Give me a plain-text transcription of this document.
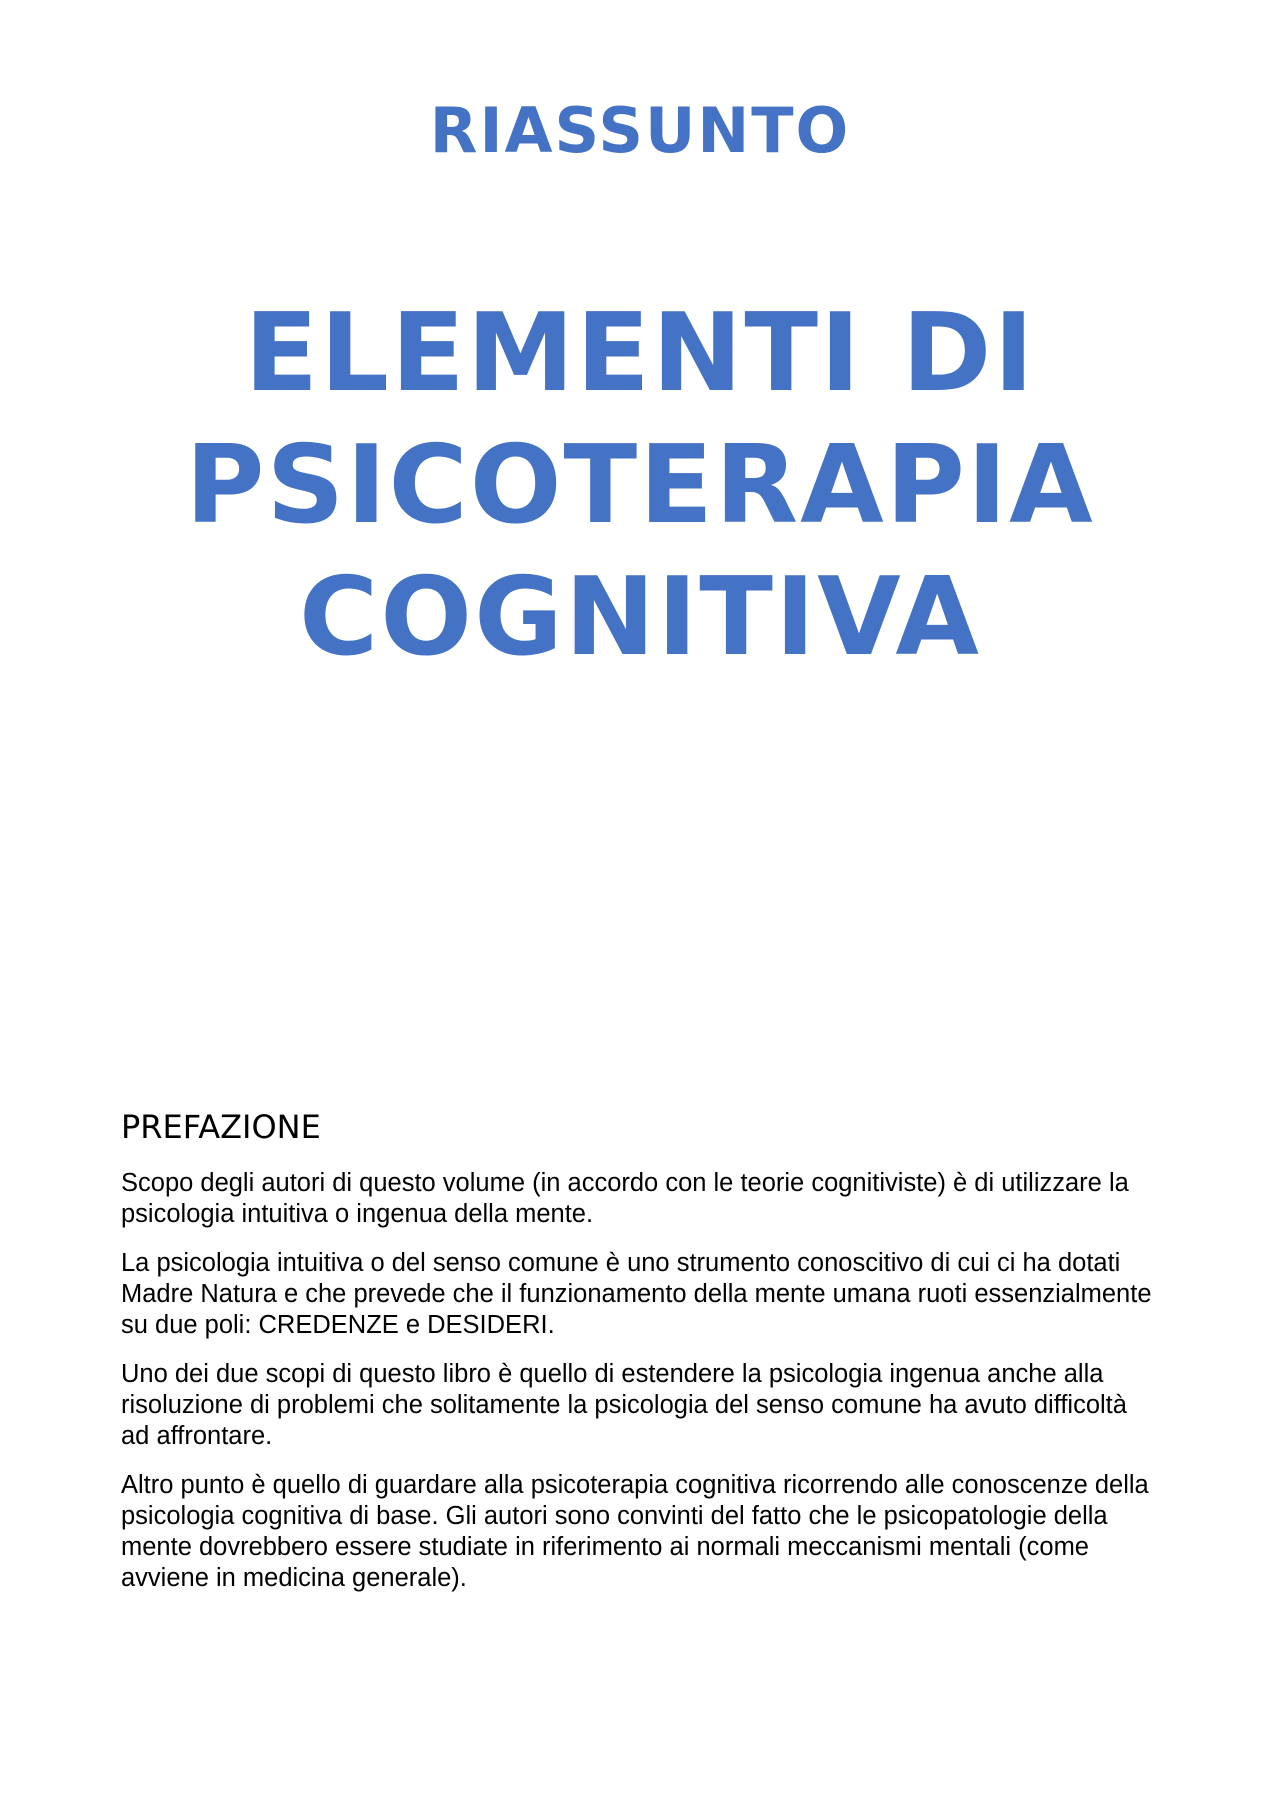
RIASSUNTO
ELEMENTI DI
PSICOTERAPIA
COGNITIVA
PREFAZIONE

Scopo degli autori di questo volume (in accordo con le teorie cognitiviste) è di utilizzare la psicologia intuitiva o ingenua della mente.

La psicologia intuitiva o del senso comune è uno strumento conoscitivo di cui ci ha dotati Madre Natura e che prevede che il funzionamento della mente umana ruoti essenzialmente su due poli: CREDENZE e DESIDERI.

Uno dei due scopi di questo libro è quello di estendere la psicologia ingenua anche alla risoluzione di problemi che solitamente la psicologia del senso comune ha avuto difficoltà ad affrontare.

Altro punto è quello di guardare alla psicoterapia cognitiva ricorrendo alle conoscenze della psicologia cognitiva di base. Gli autori sono convinti del fatto che le psicopatologie della mente dovrebbero essere studiate in riferimento ai normali meccanismi mentali (come avviene in medicina generale).
